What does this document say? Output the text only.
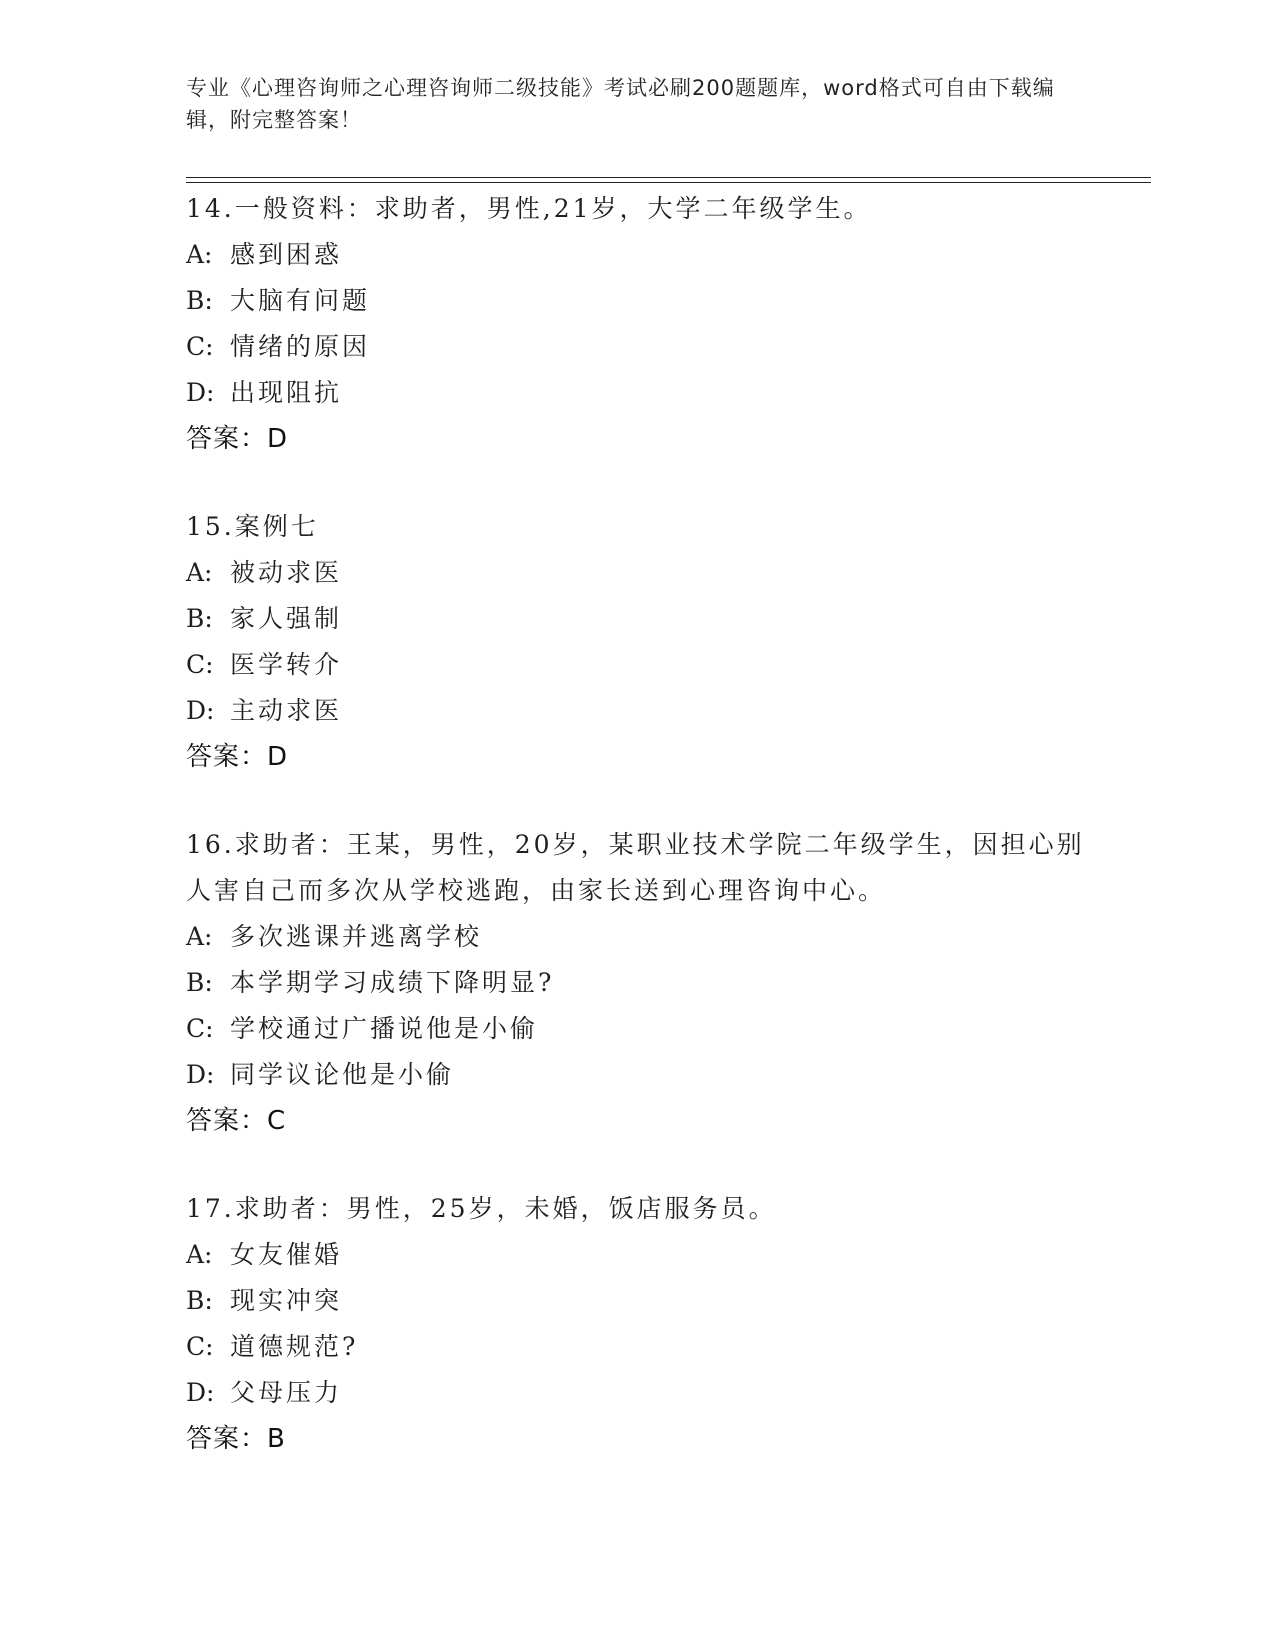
专业《心理咨询师之心理咨询师二级技能》考试必刷200题题库，word格式可自由下载编辑，附完整答案！
14.一般资料：求助者，男性,21岁，大学二年级学生。
A: 感到困惑
B: 大脑有问题
C: 情绪的原因
D: 出现阻抗
答案：D
15.案例七
A: 被动求医
B: 家人强制
C: 医学转介
D: 主动求医
答案：D
16.求助者：王某，男性，20岁，某职业技术学院二年级学生，因担心别人害自己而多次从学校逃跑，由家长送到心理咨询中心。
A: 多次逃课并逃离学校
B: 本学期学习成绩下降明显?
C: 学校通过广播说他是小偷
D: 同学议论他是小偷
答案：C
17.求助者：男性，25岁，未婚，饭店服务员。
A: 女友催婚
B: 现实冲突
C: 道德规范?
D: 父母压力
答案：B
